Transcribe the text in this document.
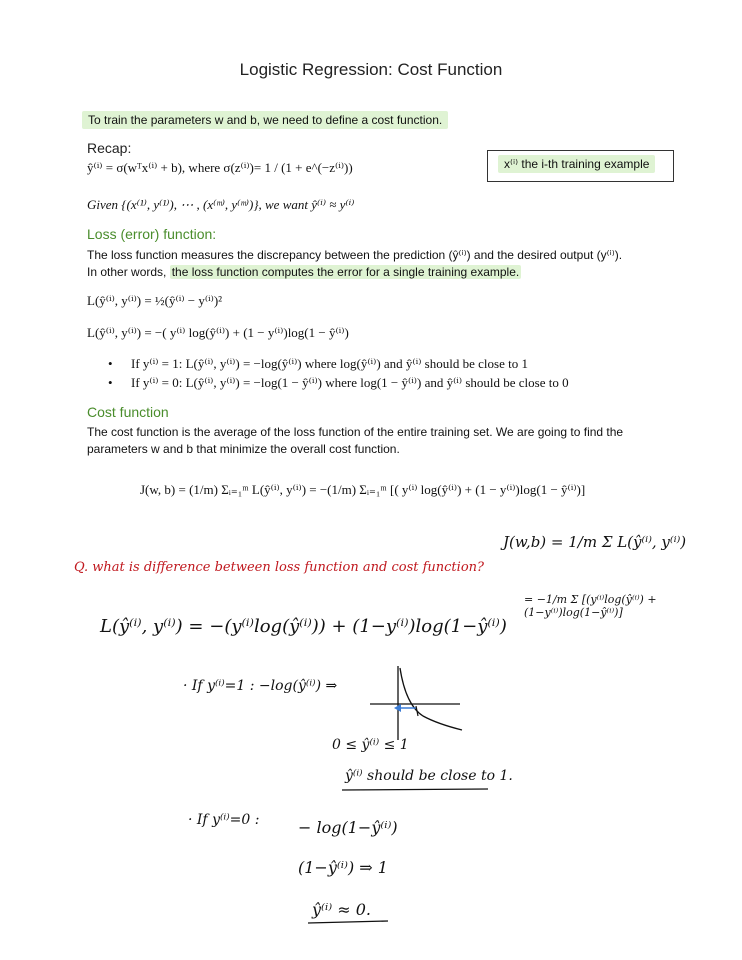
Logistic Regression: Cost Function
To train the parameters w and b, we need to define a cost function.
Recap:
ŷ⁽ⁱ⁾ = σ(wᵀx⁽ⁱ⁾ + b), where σ(z⁽ⁱ⁾)= 1 / (1 + e^(−z⁽ⁱ⁾))
Given {(x⁽¹⁾, y⁽¹⁾), ⋯ , (x⁽ᵐ⁾, y⁽ᵐ⁾)}, we want ŷ⁽ⁱ⁾ ≈ y⁽ⁱ⁾
x⁽ⁱ⁾ the i-th training example
Loss (error) function:
The loss function measures the discrepancy between the prediction (ŷ⁽ⁱ⁾) and the desired output (y⁽ⁱ⁾).
In other words, the loss function computes the error for a single training example.
L(ŷ⁽ⁱ⁾, y⁽ⁱ⁾) = ½(ŷ⁽ⁱ⁾ − y⁽ⁱ⁾)²
L(ŷ⁽ⁱ⁾, y⁽ⁱ⁾) = −( y⁽ⁱ⁾ log(ŷ⁽ⁱ⁾) + (1 − y⁽ⁱ⁾)log(1 − ŷ⁽ⁱ⁾)
• If y⁽ⁱ⁾ = 1: L(ŷ⁽ⁱ⁾, y⁽ⁱ⁾) = −log(ŷ⁽ⁱ⁾) where log(ŷ⁽ⁱ⁾) and ŷ⁽ⁱ⁾ should be close to 1
• If y⁽ⁱ⁾ = 0: L(ŷ⁽ⁱ⁾, y⁽ⁱ⁾) = −log(1 − ŷ⁽ⁱ⁾) where log(1 − ŷ⁽ⁱ⁾) and ŷ⁽ⁱ⁾ should be close to 0
Cost function
The cost function is the average of the loss function of the entire training set. We are going to find the
parameters w and b that minimize the overall cost function.
J(w, b) = (1/m) Σᵢ₌₁ᵐ L(ŷ⁽ⁱ⁾, y⁽ⁱ⁾) = −(1/m) Σᵢ₌₁ᵐ [( y⁽ⁱ⁾ log(ŷ⁽ⁱ⁾) + (1 − y⁽ⁱ⁾)log(1 − ŷ⁽ⁱ⁾)]
J(w,b) = 1/m Σ L(ŷ⁽ⁱ⁾, y⁽ⁱ⁾)
= −1/m Σ [(y⁽ⁱ⁾log(ŷ⁽ⁱ⁾) + (1−y⁽ⁱ⁾)log(1−ŷ⁽ⁱ⁾)]
Q. what is difference between loss function and cost function?
L(ŷ⁽ⁱ⁾, y⁽ⁱ⁾) = −(y⁽ⁱ⁾log(ŷ⁽ⁱ⁾)) + (1−y⁽ⁱ⁾)log(1−ŷ⁽ⁱ⁾)
· If y⁽ⁱ⁾=1 : −log(ŷ⁽ⁱ⁾) ⇒
0 ≤ ŷ⁽ⁱ⁾ ≤ 1
ŷ⁽ⁱ⁾ should be close to 1.
· If y⁽ⁱ⁾=0 : − log(1−ŷ⁽ⁱ⁾)
(1−ŷ⁽ⁱ⁾) ⇒ 1
ŷ⁽ⁱ⁾ ≈ 0.
